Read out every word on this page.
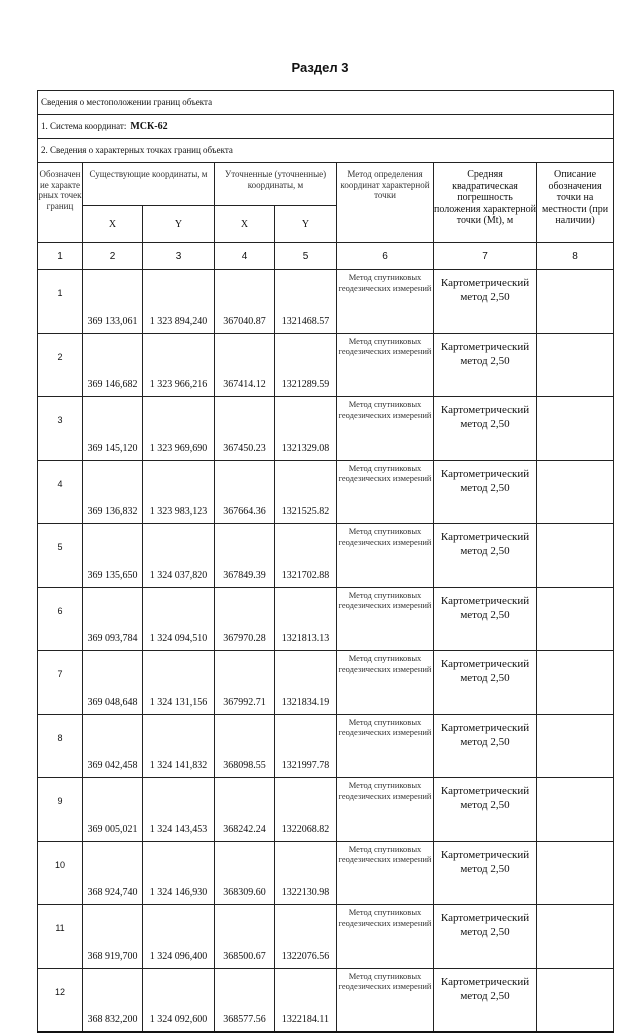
Раздел 3
Сведения о местоположении границ объекта							
1. Система координат: МСК-62							
2. Сведения о характерных точках границ объекта							
Обозначение характерных точек границ	Существующие координаты, м		Уточненные (уточненные) координаты, м		Метод определения координат характерной точки	Средняя квадратическая погрешность положения характерной точки (Mt), м	Описание обозначения точки на местности (при наличии)
	X	Y	X	Y			
1	2	3	4	5	6	7	8
1	369 133,061	1 323 894,240	367040.87	1321468.57	Метод спутниковых геодезических измерений	Картометрический метод 2,50	
2	369 146,682	1 323 966,216	367414.12	1321289.59	Метод спутниковых геодезических измерений	Картометрический метод 2,50	
3	369 145,120	1 323 969,690	367450.23	1321329.08	Метод спутниковых геодезических измерений	Картометрический метод 2,50	
4	369 136,832	1 323 983,123	367664.36	1321525.82	Метод спутниковых геодезических измерений	Картометрический метод 2,50	
5	369 135,650	1 324 037,820	367849.39	1321702.88	Метод спутниковых геодезических измерений	Картометрический метод 2,50	
6	369 093,784	1 324 094,510	367970.28	1321813.13	Метод спутниковых геодезических измерений	Картометрический метод 2,50	
7	369 048,648	1 324 131,156	367992.71	1321834.19	Метод спутниковых геодезических измерений	Картометрический метод 2,50	
8	369 042,458	1 324 141,832	368098.55	1321997.78	Метод спутниковых геодезических измерений	Картометрический метод 2,50	
9	369 005,021	1 324 143,453	368242.24	1322068.82	Метод спутниковых геодезических измерений	Картометрический метод 2,50	
10	368 924,740	1 324 146,930	368309.60	1322130.98	Метод спутниковых геодезических измерений	Картометрический метод 2,50	
11	368 919,700	1 324 096,400	368500.67	1322076.56	Метод спутниковых геодезических измерений	Картометрический метод 2,50	
12	368 832,200	1 324 092,600	368577.56	1322184.11	Метод спутниковых геодезических измерений	Картометрический метод 2,50	
